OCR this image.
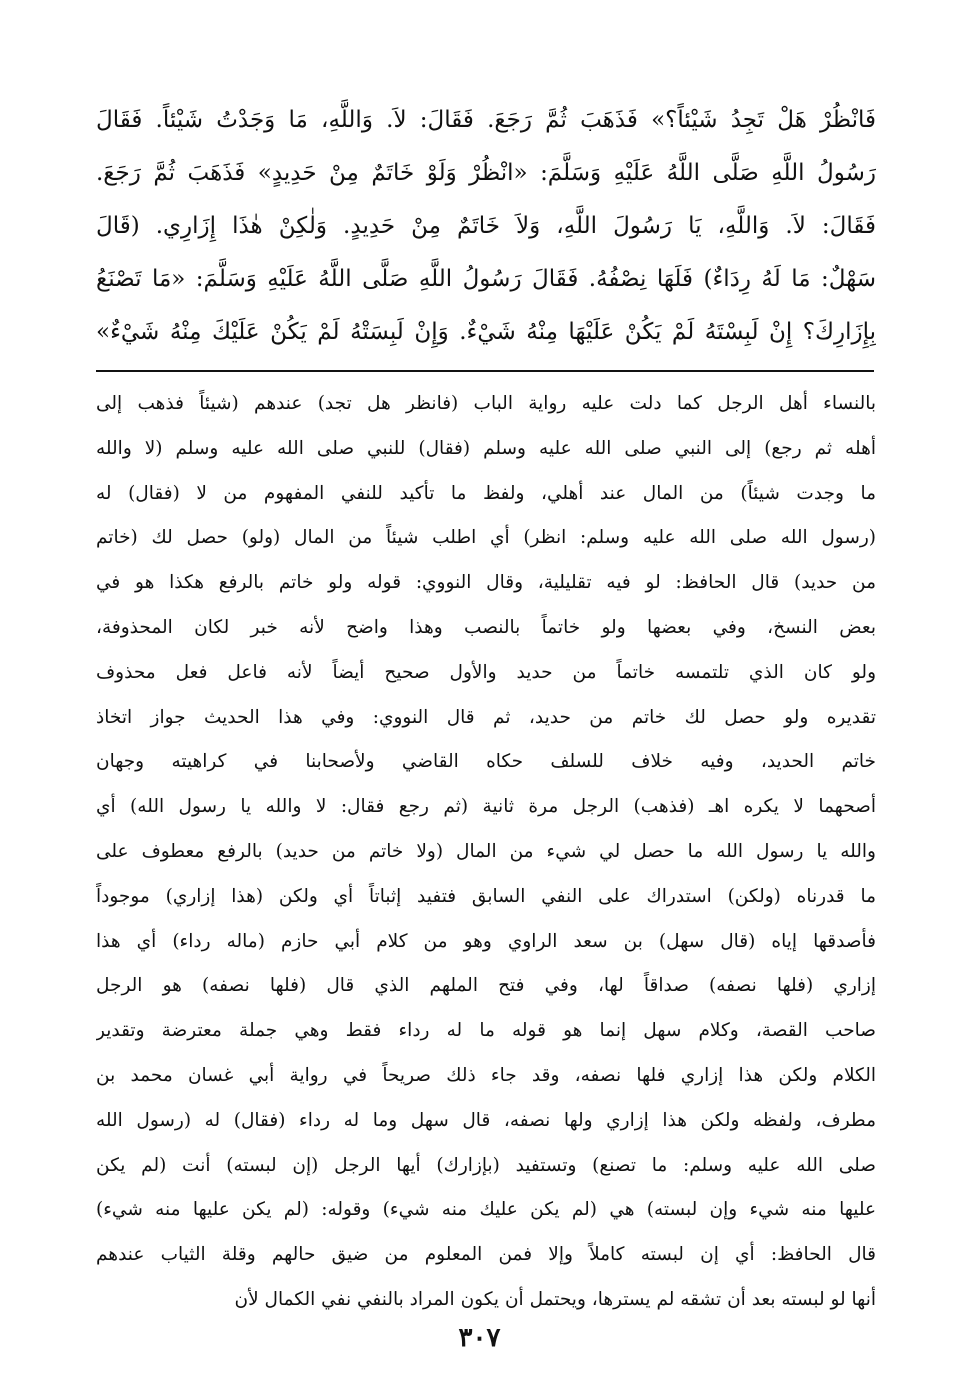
فَانْظُرْ هَلْ تَجِدُ شَيْئاً؟» فَذَهَبَ ثُمَّ رَجَعَ. فَقَالَ: لاَ. وَاللَّهِ، مَا وَجَدْتُ شَيْئاً. فَقَالَ
رَسُولُ اللَّهِ صَلَّى اللَّهُ عَلَيْهِ وَسَلَّمَ: «انْظُرْ وَلَوْ خَاتَمٌ مِنْ حَدِيدٍ» فَذَهَبَ ثُمَّ رَجَعَ.
فَقَالَ: لاَ. وَاللَّهِ، يَا رَسُولَ اللَّهِ، وَلاَ خَاتَمٌ مِنْ حَدِيدٍ. وَلٰكِنْ هٰذَا إِزَارِي. (قَالَ
سَهْلٌ: مَا لَهُ رِدَاءٌ) فَلَهَا نِصْفُهُ. فَقَالَ رَسُولُ اللَّهِ صَلَّى اللَّهُ عَلَيْهِ وَسَلَّمَ: «مَا تَصْنَعُ
بِإِزَارِكَ؟ إِنْ لَبِسْتَهُ لَمْ يَكُنْ عَلَيْهَا مِنْهُ شَيْءٌ. وَإِنْ لَبِسَتْهُ لَمْ يَكُنْ عَلَيْكَ مِنْهُ شَيْءٌ»
بالنساء أهل الرجل كما دلت عليه رواية الباب (فانظر هل تجد) عندهم (شيئاً فذهب إلى
أهله ثم رجع) إلى النبي صلى الله عليه وسلم (فقال) للنبي صلى الله عليه وسلم (لا والله
ما وجدت شيئاً) من المال عند أهلي، ولفظ ما تأكيد للنفي المفهوم من لا (فقال) له
(رسول الله صلى الله عليه وسلم: انظر) أي اطلب شيئاً من المال (ولو) حصل لك (خاتم
من حديد) قال الحافظ: لو فيه تقليلية، وقال النووي: قوله ولو خاتم بالرفع هكذا هو في
بعض النسخ، وفي بعضها ولو خاتماً بالنصب وهذا واضح لأنه خبر لكان المحذوفة،
ولو كان الذي تلتمسه خاتماً من حديد والأول صحيح أيضاً لأنه فاعل فعل محذوف
تقديره ولو حصل لك خاتم من حديد، ثم قال النووي: وفي هذا الحديث جواز اتخاذ
خاتم الحديد، وفيه خلاف للسلف حكاه القاضي ولأصحابنا في كراهيته وجهان
أصحهما لا يكره اهـ (فذهب) الرجل مرة ثانية (ثم رجع فقال: لا والله يا رسول الله) أي
والله يا رسول الله ما حصل لي شيء من المال (ولا خاتم من حديد) بالرفع معطوف على
ما قدرناه (ولكن) استدراك على النفي السابق فتفيد إثباتاً أي ولكن (هذا إزاري) موجوداً
فأصدقها إياه (قال سهل) بن سعد الراوي وهو من كلام أبي حازم (ماله رداء) أي هذا
إزاري (فلها نصفه) صداقاً لها، وفي فتح الملهم الذي قال (فلها نصفه) هو الرجل
صاحب القصة، وكلام سهل إنما هو قوله ما له رداء فقط وهي جملة معترضة وتقدير
الكلام ولكن هذا إزاري فلها نصفه، وقد جاء ذلك صريحاً في رواية أبي غسان محمد بن
مطرف، ولفظه ولكن هذا إزاري ولها نصفه، قال سهل وما له رداء (فقال) له (رسول الله
صلى الله عليه وسلم: ما تصنع) وتستفيد (بإزارك) أيها الرجل (إن لبسته) أنت (لم يكن
عليها منه شيء وإن لبسته) هي (لم يكن عليك منه شيء) وقوله: (لم يكن عليها منه شيء)
قال الحافظ: أي إن لبسته كاملاً وإلا فمن المعلوم من ضيق حالهم وقلة الثياب عندهم
أنها لو لبسته بعد أن تشقه لم يسترها، ويحتمل أن يكون المراد بالنفي نفي الكمال لأن
٣٠٧
